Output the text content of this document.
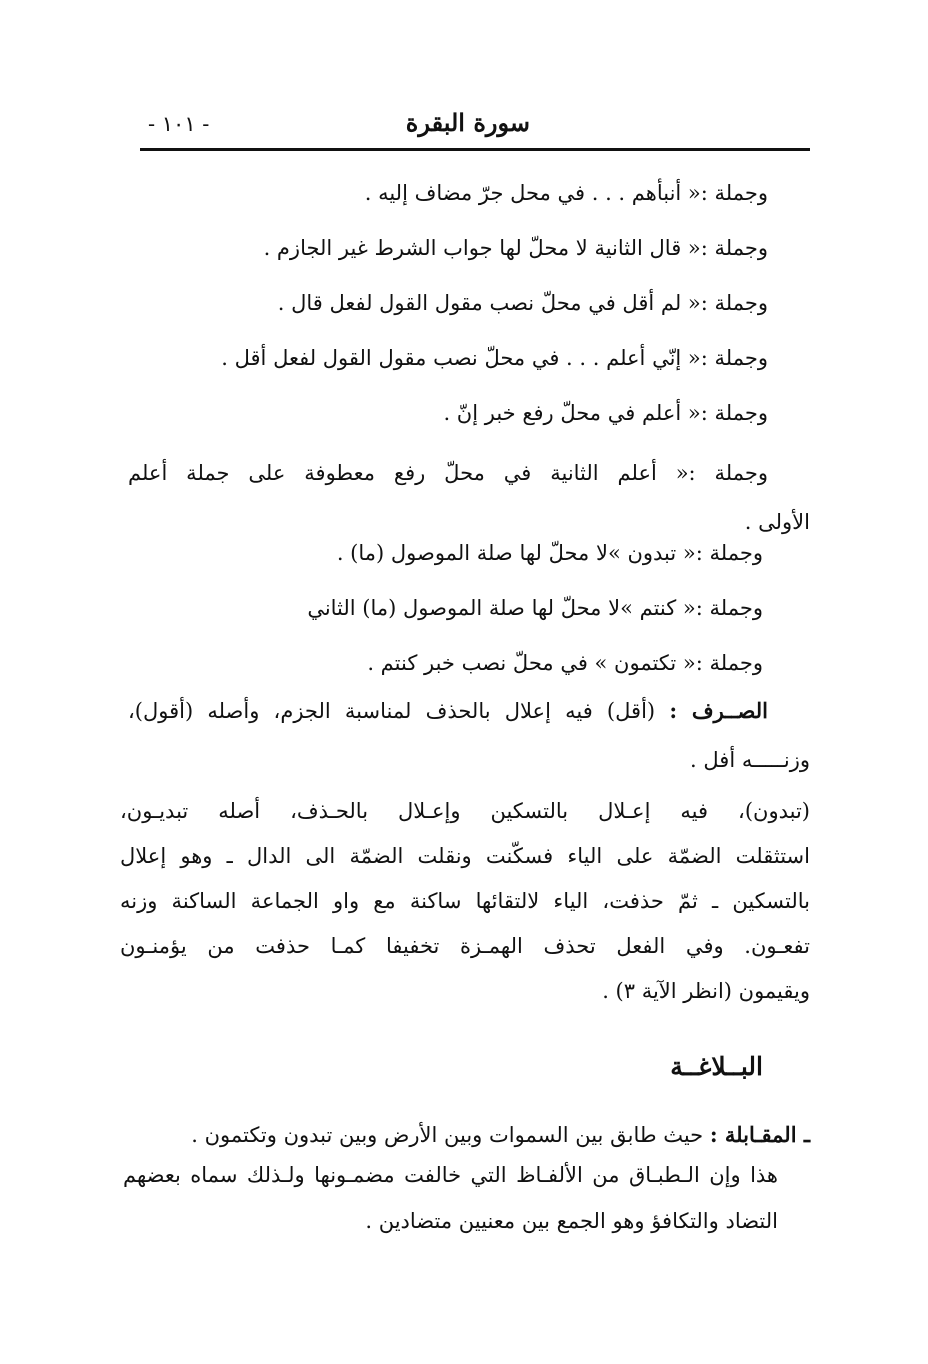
سورة البقرة
- ١٠١ -
وجملة :« أنبأهم . . . في محل جرّ مضاف إليه .
وجملة :« قال الثانية لا محلّ لها جواب الشرط غير الجازم .
وجملة :« لم أقل في محلّ نصب مقول القول لفعل قال .
وجملة :« إنّي أعلم . . . في محلّ نصب مقول القول لفعل أقل .
وجملة :« أعلم في محلّ رفع خبر إنّ .
وجملة :« أعلم الثانية في محلّ رفع معطوفة على جملة أعلم
الأولى .
وجملة :« تبدون »لا محلّ لها صلة الموصول (ما) .
وجملة :« كنتم »لا محلّ لها صلة الموصول (ما) الثاني
وجملة :« تكتمون » في محلّ نصب خبر كنتم .
الصــرف : (أقل) فيه إعلال بالحذف لمناسبة الجزم، وأصله (أقول)،
وزنـــــه أفل .
(تبدون)، فيه إعـلال بالتسكين وإعـلال بالحـذف، أصله تبديـون،
استثقلت الضمّة على الياء فسكّنت ونقلت الضمّة الى الدال ـ وهو إعلال
بالتسكين ـ ثمّ حذفت، الياء لالتقائها ساكنة مع واو الجماعة الساكنة وزنه
تفعـون. وفي الفعل تحذف الهمـزة تخفيفا كمـا حذفت من يؤمنـون
ويقيمون (انظر الآية ٣) .
البــلاغــة
ـ المقـابلة : حيث طابق بين السموات وبين الأرض وبين تبدون وتكتمون .
هذا وإن الـطبـاق من الألفـاظ التي خالفت مضمـونها ولـذلك سماه بعضهم
التضاد والتكافؤ وهو الجمع بين معنيين متضادين .
